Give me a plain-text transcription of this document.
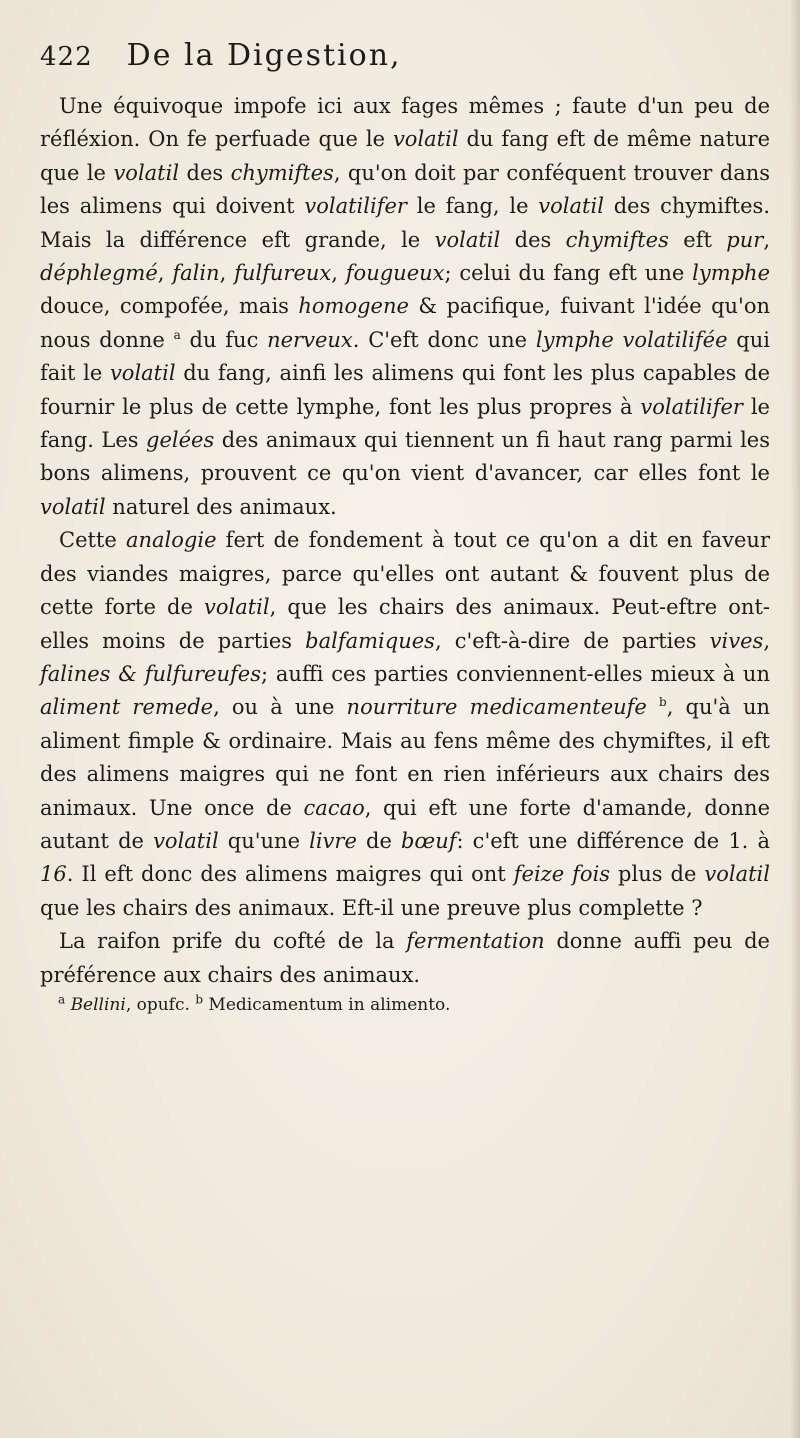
422 De la Digestion,

Une équivoque impofe ici aux fages mêmes ; faute d'un peu de réfléxion. On fe perfuade que le volatil du fang eft de même nature que le volatil des chymiftes, qu'on doit par conféquent trouver dans les alimens qui doivent volatilifer le fang, le volatil des chymiftes. Mais la différence eft grande, le volatil des chymiftes eft pur, déphlegmé, falin, fulfureux, fougueux; celui du fang eft une lymphe douce, compofée, mais homogene & pacifique, fuivant l'idée qu'on nous donne $^a$ du fuc nerveux. C'eft donc une lymphe volatilifée qui fait le volatil du fang, ainfi les alimens qui font les plus capables de fournir le plus de cette lymphe, font les plus propres à volatilifer le fang. Les gelées des animaux qui tiennent un fi haut rang parmi les bons alimens, prouvent ce qu'on vient d'avancer, car elles font le volatil naturel des animaux.

Cette analogie fert de fondement à tout ce qu'on a dit en faveur des viandes maigres, parce qu'elles ont autant & fouvent plus de cette forte de volatil, que les chairs des animaux. Peut-eftre ont-elles moins de parties balfamiques, c'eft-à-dire de parties vives, falines & fulfureufes; auffi ces parties conviennent-elles mieux à un aliment remede, ou à une nourriture medicamenteufe $^b$, qu'à un aliment fimple & ordinaire. Mais au fens même des chymiftes, il eft des alimens maigres qui ne font en rien inférieurs aux chairs des animaux. Une once de cacao, qui eft une forte d'amande, donne autant de volatil qu'une livre de bœuf: c'eft une différence de 1. à 16. Il eft donc des alimens maigres qui ont feize fois plus de volatil que les chairs des animaux. Eft-il une preuve plus complette ?

La raifon prife du cofté de la fermentation donne auffi peu de préférence aux chairs des animaux.

$^a$ Bellini, opufc. $^b$ Medicamentum in alimento.
